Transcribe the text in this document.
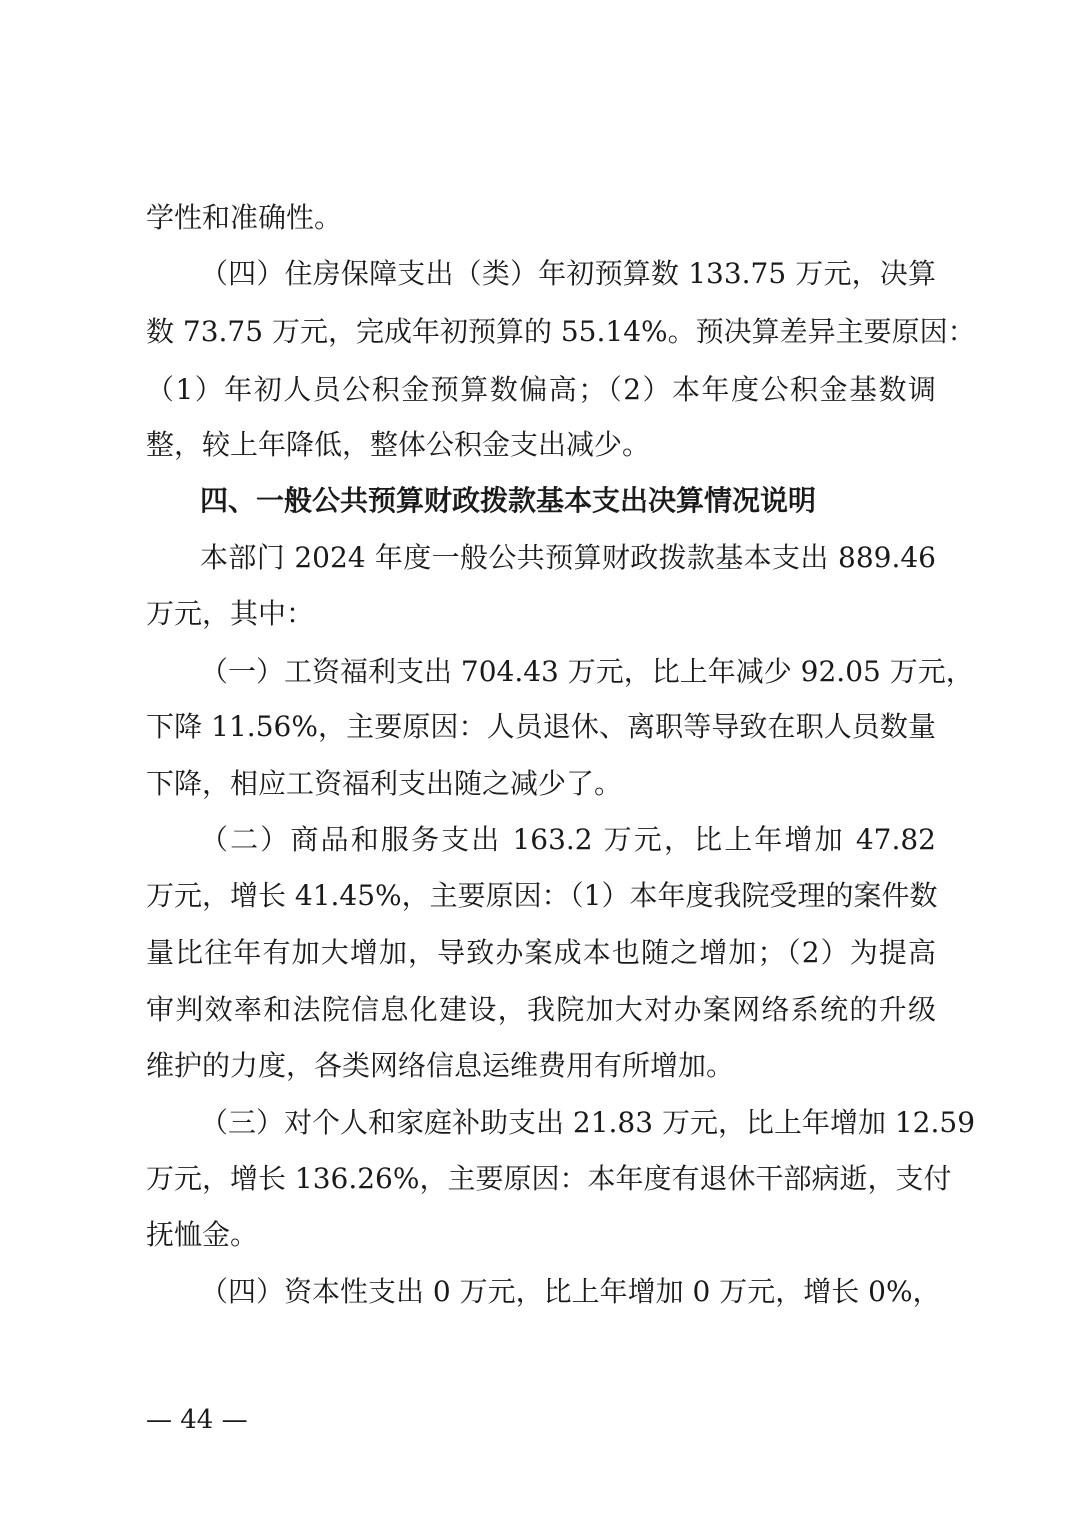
学性和准确性。
（四）住房保障支出（类）年初预算数 133.75 万元，决算
数 73.75 万元，完成年初预算的 55.14%。预决算差异主要原因：
（1）年初人员公积金预算数偏高；（2）本年度公积金基数调
整，较上年降低，整体公积金支出减少。
四、一般公共预算财政拨款基本支出决算情况说明
本部门 2024 年度一般公共预算财政拨款基本支出 889.46
万元，其中：
（一）工资福利支出 704.43 万元，比上年减少 92.05 万元，
下降 11.56%，主要原因：人员退休、离职等导致在职人员数量
下降，相应工资福利支出随之减少了。
（二）商品和服务支出 163.2 万元，比上年增加 47.82
万元，增长 41.45%，主要原因：（1）本年度我院受理的案件数
量比往年有加大增加，导致办案成本也随之增加；（2）为提高
审判效率和法院信息化建设，我院加大对办案网络系统的升级
维护的力度，各类网络信息运维费用有所增加。
（三）对个人和家庭补助支出 21.83 万元，比上年增加 12.59
万元，增长 136.26%，主要原因：本年度有退休干部病逝，支付
抚恤金。
（四）资本性支出 0 万元，比上年增加 0 万元，增长 0%，
— 44 —
